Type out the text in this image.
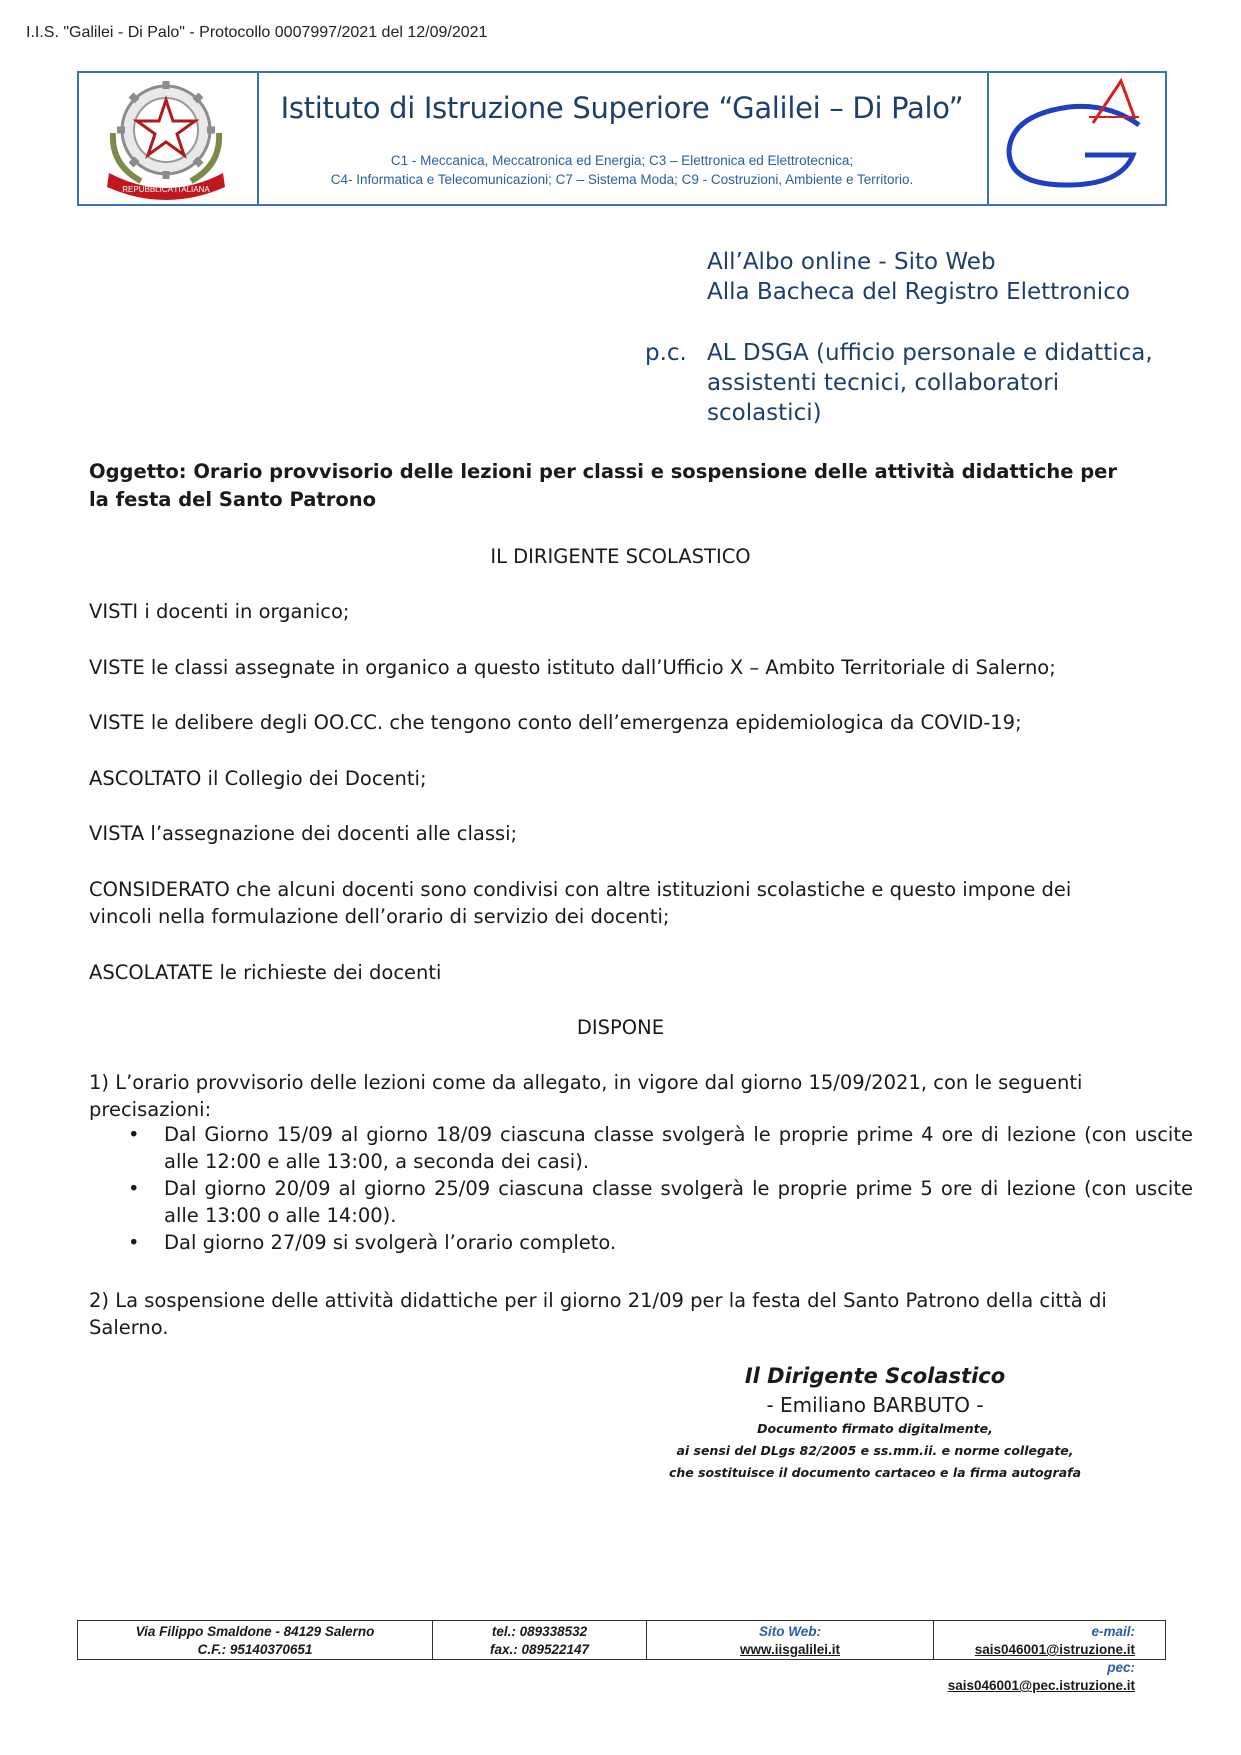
I.I.S. "Galilei - Di Palo" - Protocollo 0007997/2021 del 12/09/2021
REPUBBLICA ITALIANA
Istituto di Istruzione Superiore “Galilei – Di Palo”
C1 - Meccanica, Meccatronica ed Energia; C3 – Elettronica ed Elettrotecnica;
C4- Informatica e Telecomunicazioni; C7 – Sistema Moda; C9 - Costruzioni, Ambiente e Territorio.
All’Albo online - Sito Web
Alla Bacheca del Registro Elettronico
p.c. AL DSGA (ufficio personale e didattica,
assistenti tecnici, collaboratori
scolastici)
Oggetto: Orario provvisorio delle lezioni per classi e sospensione delle attività didattiche per
la festa del Santo Patrono
IL DIRIGENTE SCOLASTICO
VISTI i docenti in organico;
VISTE le classi assegnate in organico a questo istituto dall’Ufficio X – Ambito Territoriale di Salerno;
VISTE le delibere degli OO.CC. che tengono conto dell’emergenza epidemiologica da COVID-19;
ASCOLTATO il Collegio dei Docenti;
VISTA l’assegnazione dei docenti alle classi;
CONSIDERATO che alcuni docenti sono condivisi con altre istituzioni scolastiche e questo impone dei
vincoli nella formulazione dell’orario di servizio dei docenti;
ASCOLATATE le richieste dei docenti
DISPONE
1) L’orario provvisorio delle lezioni come da allegato, in vigore dal giorno 15/09/2021, con le seguenti
precisazioni:
• Dal Giorno 15/09 al giorno 18/09 ciascuna classe svolgerà le proprie prime 4 ore di lezione (con uscite alle 12:00 e alle 13:00, a seconda dei casi).
• Dal giorno 20/09 al giorno 25/09 ciascuna classe svolgerà le proprie prime 5 ore di lezione (con uscite alle 13:00 o alle 14:00).
• Dal giorno 27/09 si svolgerà l’orario completo.
2) La sospensione delle attività didattiche per il giorno 21/09 per la festa del Santo Patrono della città di
Salerno.
Il Dirigente Scolastico
- Emiliano BARBUTO -
Documento firmato digitalmente,
ai sensi del DLgs 82/2005 e ss.mm.ii. e norme collegate,
che sostituisce il documento cartaceo e la firma autografa
Via Filippo Smaldone - 84129 Salerno
C.F.: 95140370651
tel.: 089338532
fax.: 089522147
Sito Web:
www.iisgalilei.it
e-mail: sais046001@istruzione.it
pec: sais046001@pec.istruzione.it
